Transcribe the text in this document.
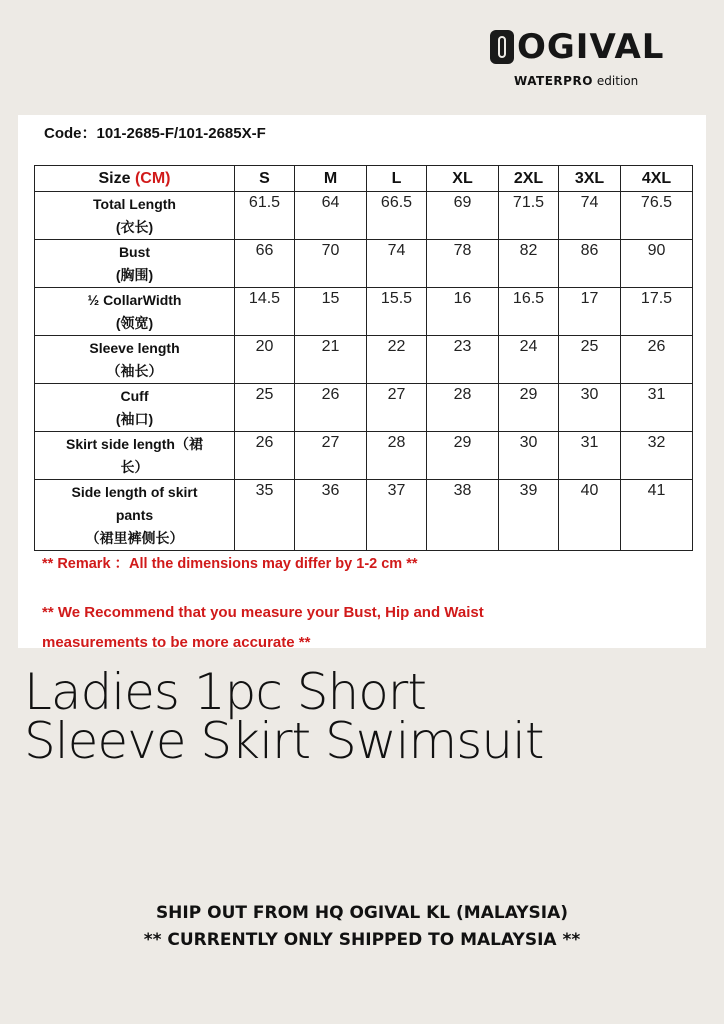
OGIVAL
WATERPRO edition
Code：101-2685-F/101-2685X-F
Size (CM)	S	M	L	XL	2XL	3XL	4XL
Total Length
(衣长)	61.5	64	66.5	69	71.5	74	76.5
Bust
(胸围)	66	70	74	78	82	86	90
½ CollarWidth
(领宽)	14.5	15	15.5	16	16.5	17	17.5
Sleeve length
（袖长）	20	21	22	23	24	25	26
Cuff
(袖口)	25	26	27	28	29	30	31
Skirt side length（裙
长）	26	27	28	29	30	31	32
Side length of skirt
pants
（裙里裤侧长）	35	36	37	38	39	40	41
** Remark ：All the dimensions may differ by 1-2 cm **
** We Recommend that you measure your Bust, Hip and Waist measurements to be more accurate **
Ladies 1pc Short
Sleeve Skirt Swimsuit
SHIP OUT FROM HQ OGIVAL KL (MALAYSIA)
** CURRENTLY ONLY SHIPPED TO MALAYSIA **
